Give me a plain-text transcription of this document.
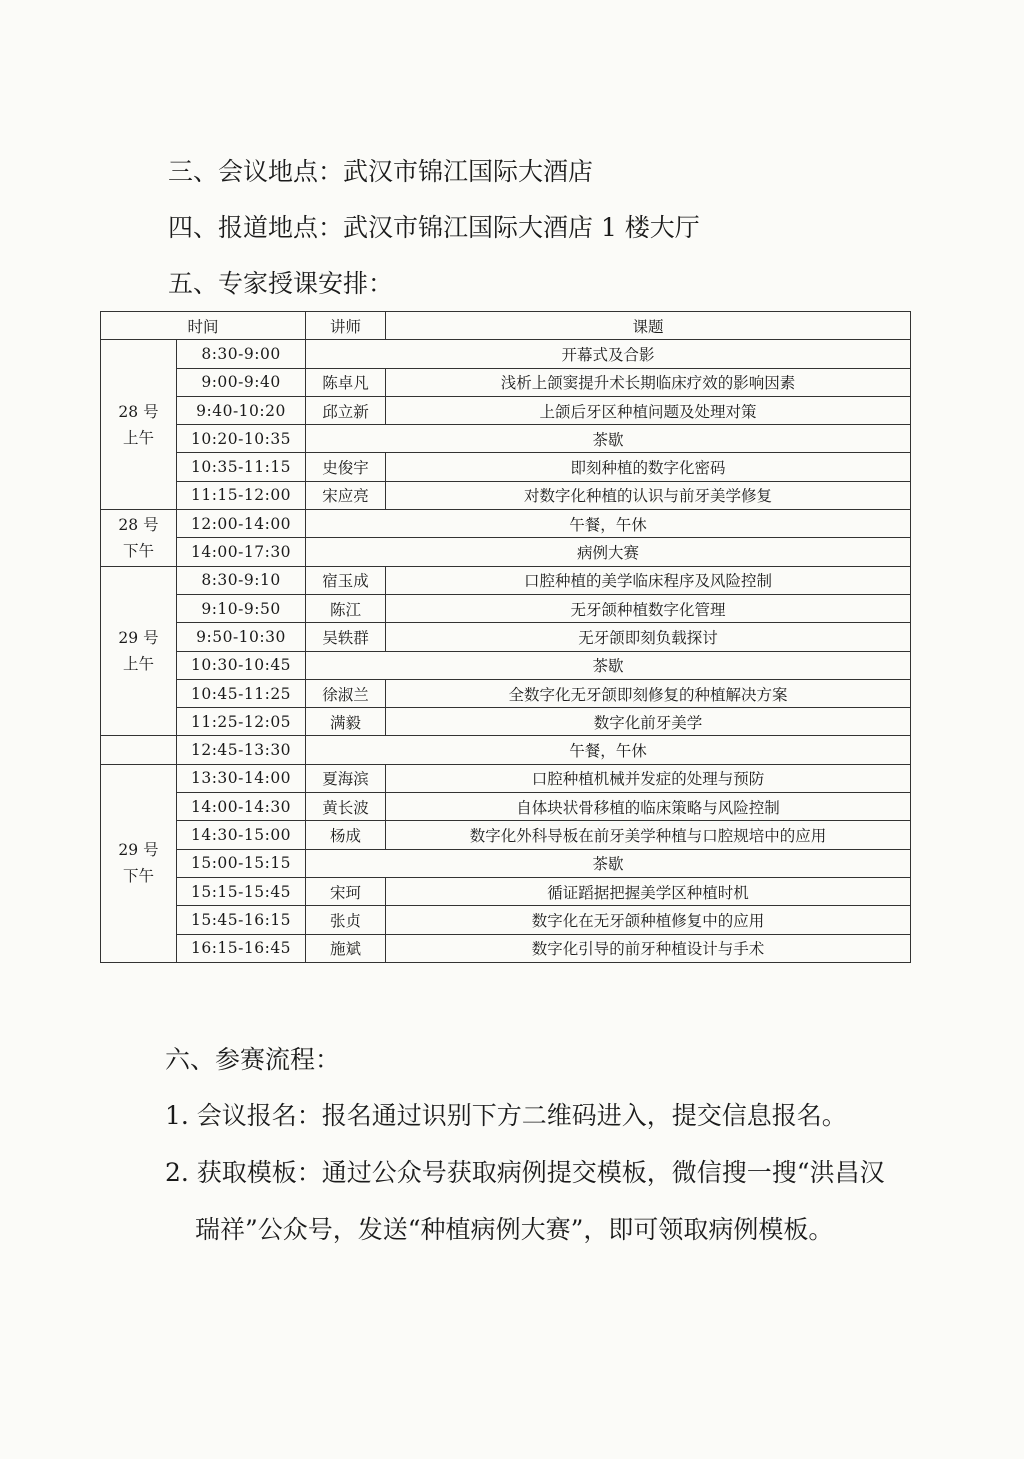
三、会议地点：武汉市锦江国际大酒店
四、报道地点：武汉市锦江国际大酒店 1 楼大厅
五、专家授课安排：
时间		讲师	课题

28 号
上午	8:30-9:00	开幕式及合影	
	9:00-9:40	陈卓凡	浅析上颌窦提升术长期临床疗效的影响因素
	9:40-10:20	邱立新	上颌后牙区种植问题及处理对策
	10:20-10:35	茶歇	
	10:35-11:15	史俊宇	即刻种植的数字化密码
	11:15-12:00	宋应亮	对数字化种植的认识与前牙美学修复

28 号
下午	12:00-14:00	午餐，午休	
	14:00-17:30	病例大赛	

29 号
上午	8:30-9:10	宿玉成	口腔种植的美学临床程序及风险控制
	9:10-9:50	陈江	无牙颌种植数字化管理
	9:50-10:30	吴轶群	无牙颌即刻负载探讨
	10:30-10:45	茶歇	
	10:45-11:25	徐淑兰	全数字化无牙颌即刻修复的种植解决方案
	11:25-12:05	满毅	数字化前牙美学
	12:45-13:30	午餐，午休	

29 号
下午	13:30-14:00	夏海滨	口腔种植机械并发症的处理与预防
	14:00-14:30	黄长波	自体块状骨移植的临床策略与风险控制
	14:30-15:00	杨成	数字化外科导板在前牙美学种植与口腔规培中的应用
	15:00-15:15	茶歇	
	15:15-15:45	宋珂	循证蹈据把握美学区种植时机
	15:45-16:15	张贞	数字化在无牙颌种植修复中的应用
	16:15-16:45	施斌	数字化引导的前牙种植设计与手术
六、参赛流程：
1. 会议报名：报名通过识别下方二维码进入，提交信息报名。
2. 获取模板：通过公众号获取病例提交模板，微信搜一搜“洪昌汉
瑞祥”公众号，发送“种植病例大赛”，即可领取病例模板。
